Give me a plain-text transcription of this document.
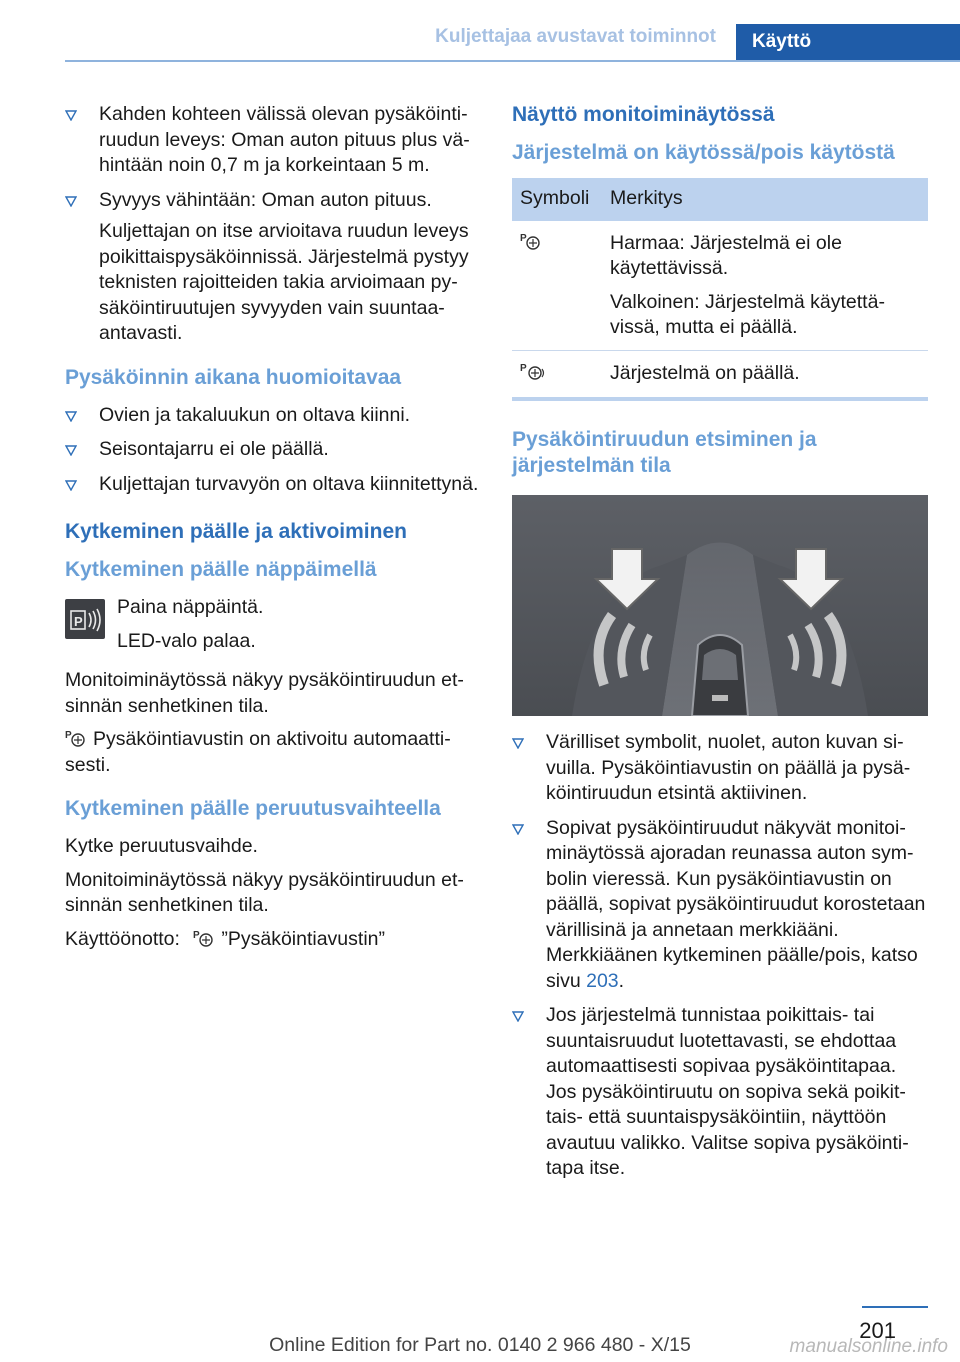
Kuljettajaa avustavat toiminnot	Käyttö
Kahden kohteen välissä olevan pysäköintiruudun leveys: Oman auton pituus plus vähintään noin 0,7 m ja korkeintaan 5 m.
Syvyys vähintään: Oman auton pituus.
Kuljettajan on itse arvioitava ruudun leveys poikittaispysäköinnissä. Järjestelmä pystyy teknisten rajoitteiden takia arvioimaan pysäköintiruutujen syvyyden vain suuntaaantavasti.
Pysäköinnin aikana huomioitavaa
Ovien ja takaluukun on oltava kiinni.
Seisontajarru ei ole päällä.
Kuljettajan turvavyön on oltava kiinnitettynä.
Kytkeminen päälle ja aktivoiminen
Kytkeminen päälle näppäimellä
P
Paina näppäintä.
LED-valo palaa.
Monitoiminäytössä näkyy pysäköintiruudun etsinnän senhetkinen tila.
P Pysäköintiavustin on aktivoitu automaattisesti.
Kytkeminen päälle peruutusvaihteella
Kytke peruutusvaihde.
Monitoiminäytössä näkyy pysäköintiruudun etsinnän senhetkinen tila.
Käyttöönotto: P ”Pysäköintiavustin”
Näyttö monitoiminäytössä
Järjestelmä on käytössä/pois käytöstä
Symboli	Merkitys

P	Harmaa: Järjestelmä ei ole käytettävissä.

Valkoinen: Järjestelmä käytettävissä, mutta ei päällä.

P	Järjestelmä on päällä.
Pysäköintiruudun etsiminen ja järjestelmän tila
Värilliset symbolit, nuolet, auton kuvan sivuilla. Pysäköintiavustin on päällä ja pysäköintiruudun etsintä aktiivinen.
Sopivat pysäköintiruudut näkyvät monitoiminäytössä ajoradan reunassa auton symbolin vieressä. Kun pysäköintiavustin on päällä, sopivat pysäköintiruudut korostetaan värillisinä ja annetaan merkkiääni. Merkkiäänen kytkeminen päälle/pois, katso sivu 203.
Jos järjestelmä tunnistaa poikittais- tai suuntaisruudut luotettavasti, se ehdottaa automaattisesti sopivaa pysäköintitapaa. Jos pysäköintiruutu on sopiva sekä poikittais- että suuntaispysäköintiin, näyttöön avautuu valikko. Valitse sopiva pysäköintitapa itse.
201
Online Edition for Part no. 0140 2 966 480 - X/15	manualsonline.info
